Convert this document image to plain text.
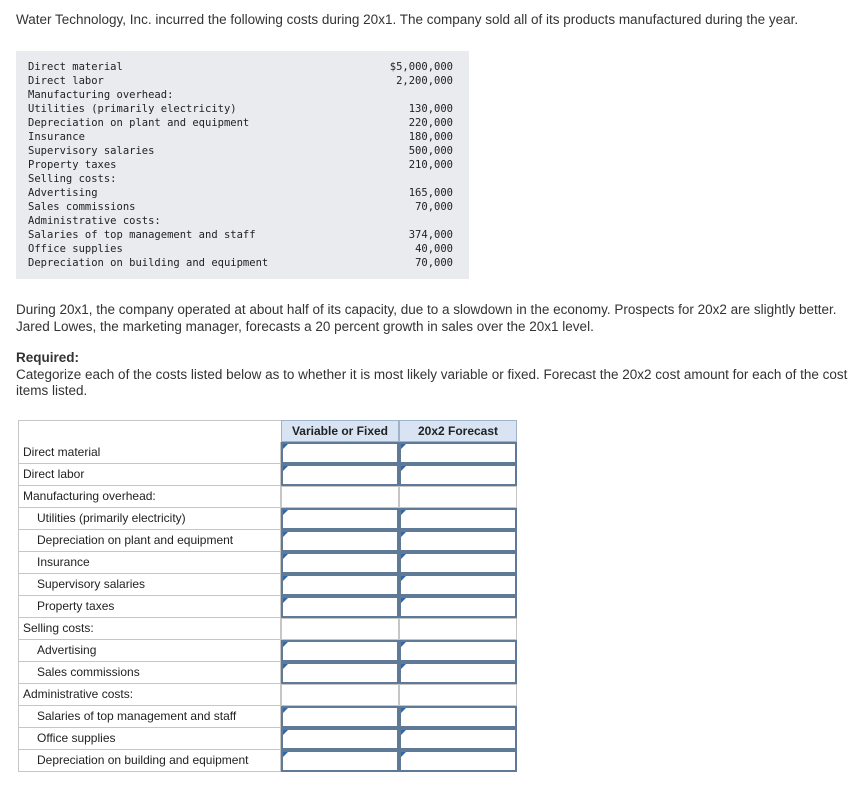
Water Technology, Inc. incurred the following costs during 20x1. The company sold all of its products manufactured during the year.
Direct material	$5,000,000
Direct labor	2,200,000
Manufacturing overhead:
Utilities (primarily electricity)	130,000
Depreciation on plant and equipment	220,000
Insurance	180,000
Supervisory salaries	500,000
Property taxes	210,000
Selling costs:
Advertising	165,000
Sales commissions	70,000
Administrative costs:
Salaries of top management and staff	374,000
Office supplies	40,000
Depreciation on building and equipment	70,000
During 20x1, the company operated at about half of its capacity, due to a slowdown in the economy. Prospects for 20x2 are slightly better. Jared Lowes, the marketing manager, forecasts a 20 percent growth in sales over the 20x1 level.
Required:
Categorize each of the costs listed below as to whether it is most likely variable or fixed. Forecast the 20x2 cost amount for each of the cost items listed.
Variable or Fixed	20x2 Forecast
Direct material
Direct labor
Manufacturing overhead:
Utilities (primarily electricity)
Depreciation on plant and equipment
Insurance
Supervisory salaries
Property taxes
Selling costs:
Advertising
Sales commissions
Administrative costs:
Salaries of top management and staff
Office supplies
Depreciation on building and equipment
